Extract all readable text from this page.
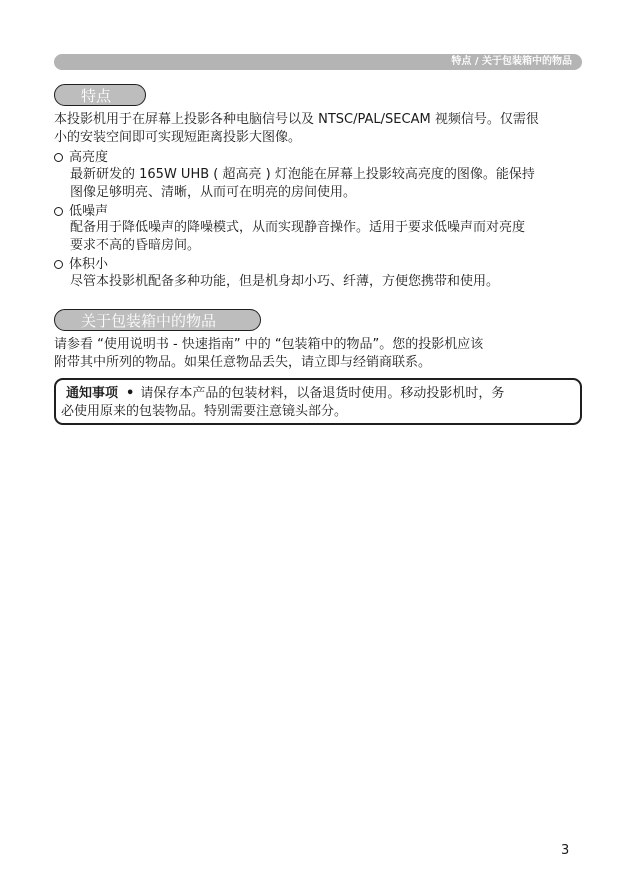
特点 / 关于包装箱中的物品
特点
本投影机用于在屏幕上投影各种电脑信号以及 NTSC/PAL/SECAM 视频信号。仅需很
小的安装空间即可实现短距离投影大图像。
高亮度
最新研发的 165W UHB ( 超高亮 ) 灯泡能在屏幕上投影较高亮度的图像。能保持
图像足够明亮、清晰，从而可在明亮的房间使用。
低噪声
配备用于降低噪声的降噪模式，从而实现静音操作。适用于要求低噪声而对亮度
要求不高的昏暗房间。
体积小
尽管本投影机配备多种功能，但是机身却小巧、纤薄，方便您携带和使用。
关于包装箱中的物品
请参看 “使用说明书 - 快速指南” 中的 “包装箱中的物品”。您的投影机应该
附带其中所列的物品。如果任意物品丢失，请立即与经销商联系。
通知事项 • 请保存本产品的包装材料，以备退货时使用。移动投影机时，务
必使用原来的包装物品。特别需要注意镜头部分。
3
